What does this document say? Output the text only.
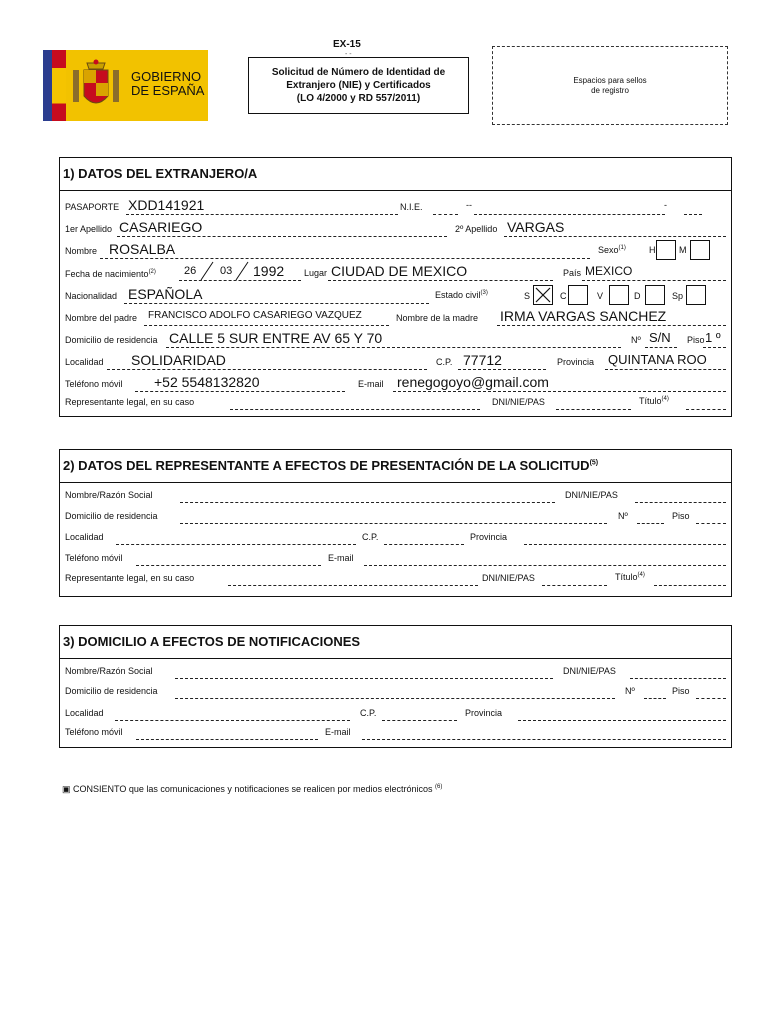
GOBIERNO
DE ESPAÑA
EX-15
- -
Solicitud de Número de Identidad de
Extranjero (NIE) y Certificados
(LO 4/2000 y RD 557/2011)
Espacios para sellos
de registro
1) DATOS DEL EXTRANJERO/A
PASAPORTE XDD141921	N.I.E.	--	-
1er Apellido CASARIEGO	2º Apellido VARGAS
Nombre ROSALBA	Sexo$^{(1)}$	H	M
Fecha de nacimiento$^{(2)}$	26 03 1992 Lugar CIUDAD DE MEXICO	País MEXICO
Nacionalidad ESPAÑOLA	Estado civil$^{(3)}$	S	C	V	D	Sp
Nombre del padre FRANCISCO ADOLFO CASARIEGO VAZQUEZ	Nombre de la madre IRMA VARGAS SANCHEZ
Domicilio de residencia CALLE 5 SUR ENTRE AV 65 Y 70	Nº S/N Piso 1 º
Localidad SOLIDARIDAD	C.P. 77712	Provincia QUINTANA ROO
Teléfono móvil +52 5548132820	E-mail renegogoyo@gmail.com
Representante legal, en su caso	DNI/NIE/PAS	Título$^{(4)}$
2) DATOS DEL REPRESENTANTE A EFECTOS DE PRESENTACIÓN DE LA SOLICITUD$^{(5)}$
Nombre/Razón Social	DNI/NIE/PAS
Domicilio de residencia	Nº	Piso
Localidad	C.P.	Provincia
Teléfono móvil	E-mail
Representante legal, en su caso	DNI/NIE/PAS	Título$^{(4)}$
3) DOMICILIO A EFECTOS DE NOTIFICACIONES
Nombre/Razón Social	DNI/NIE/PAS
Domicilio de residencia	Nº	Piso
Localidad	C.P.	Provincia
Teléfono móvil	E-mail
▣ CONSIENTO que las comunicaciones y notificaciones se realicen por medios electrónicos $^{(6)}$
